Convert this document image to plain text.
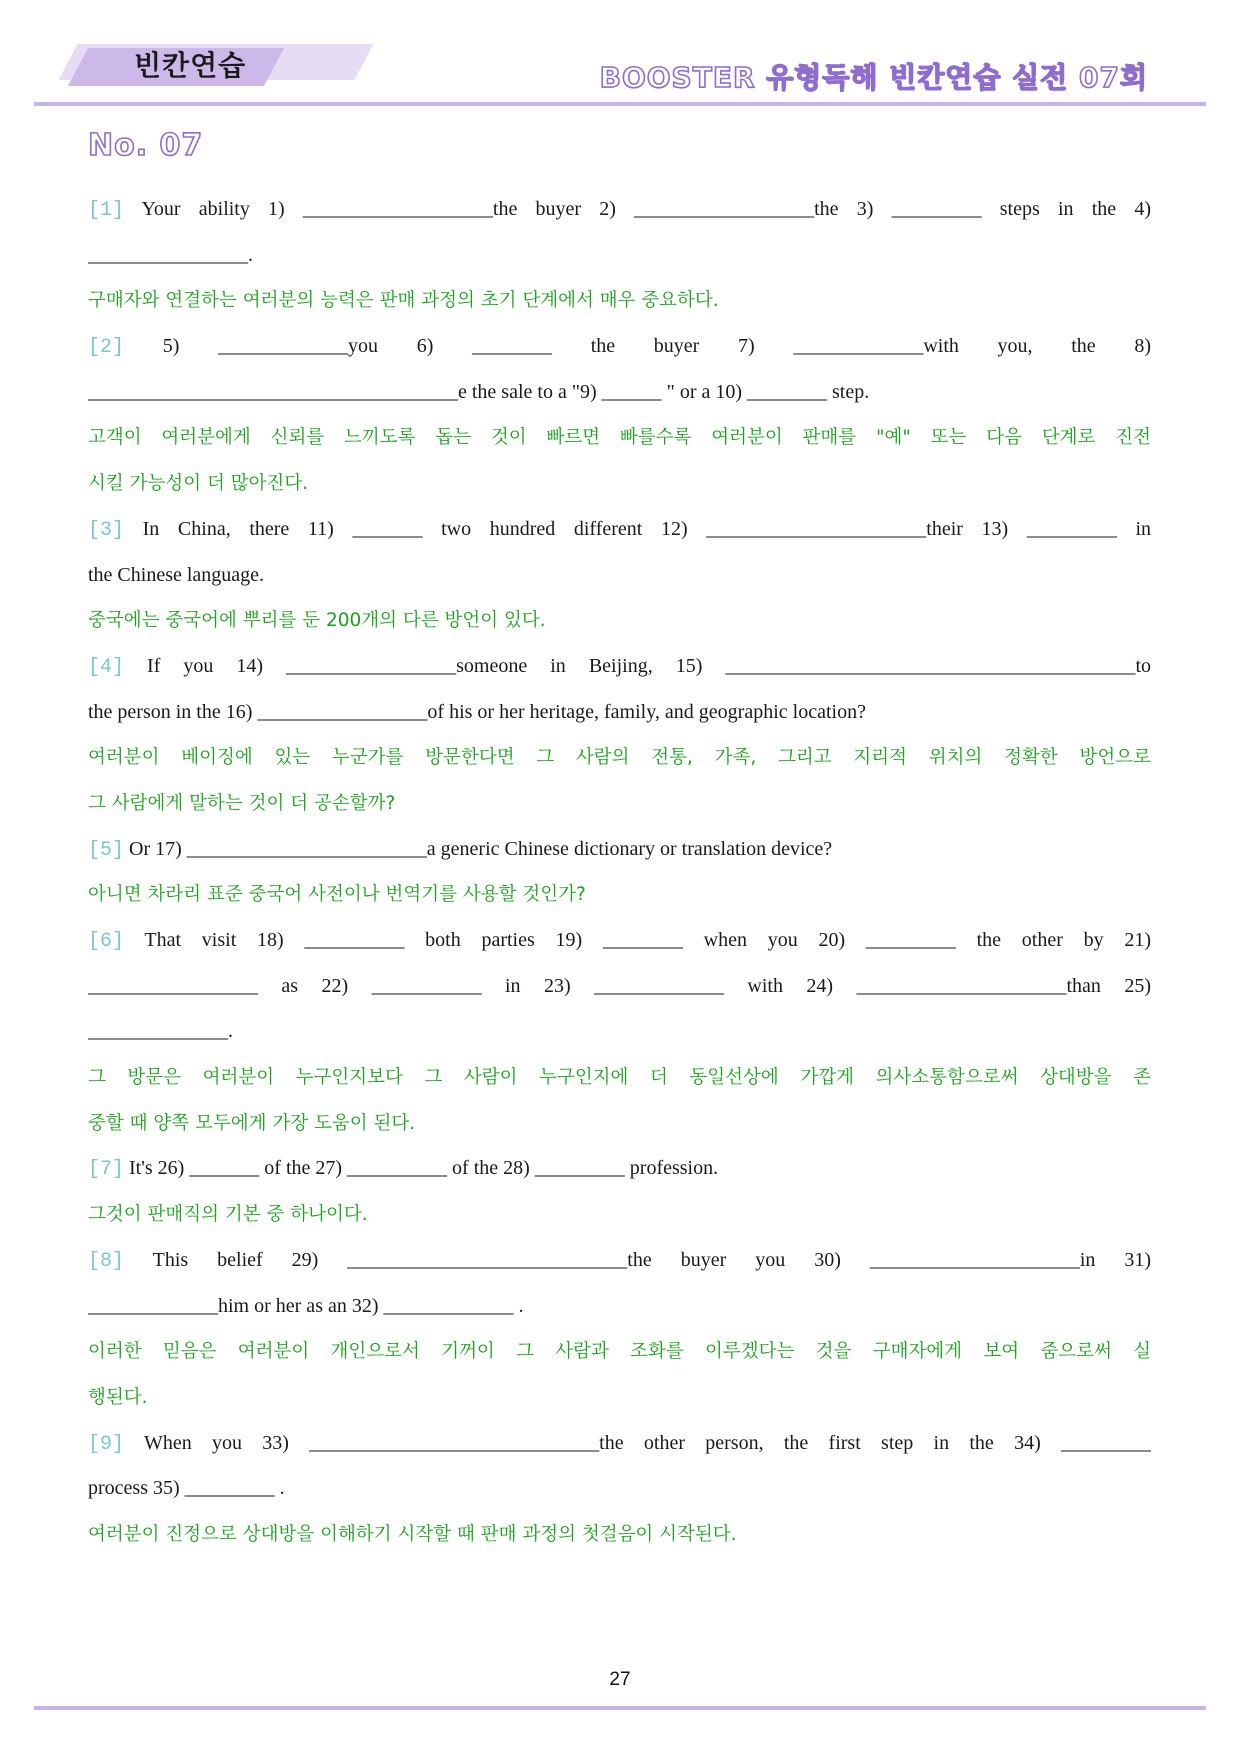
빈칸연습	BOOSTER 유형독해 빈칸연습 실전 07회
No. 07
[1] Your ability 1) ___________________the buyer 2) __________________the 3) _________ steps in the 4)
________________.
구매자와 연결하는 여러분의 능력은 판매 과정의 초기 단계에서 매우 중요하다.
[2] 5) _____________you 6) ________ the buyer 7) _____________with you, the 8)
_____________________________________e the sale to a "9) ______ " or a 10) ________ step.
고객이 여러분에게 신뢰를 느끼도록 돕는 것이 빠르면 빠를수록 여러분이 판매를 "예" 또는 다음 단계로 진전
시킬 가능성이 더 많아진다.
[3] In China, there 11) _______ two hundred different 12) ______________________their 13) _________ in
the Chinese language.
중국에는 중국어에 뿌리를 둔 200개의 다른 방언이 있다.
[4] If you 14) _________________someone in Beijing, 15) _________________________________________to
the person in the 16) _________________of his or her heritage, family, and geographic location?
여러분이 베이징에 있는 누군가를 방문한다면 그 사람의 전통, 가족, 그리고 지리적 위치의 정확한 방언으로
그 사람에게 말하는 것이 더 공손할까?
[5] Or 17) ________________________a generic Chinese dictionary or translation device?
아니면 차라리 표준 중국어 사전이나 번역기를 사용할 것인가?
[6] That visit 18) __________ both parties 19) ________ when you 20) _________ the other by 21)
_________________ as 22) ___________ in 23) _____________ with 24) _____________________than 25)
______________.
그 방문은 여러분이 누구인지보다 그 사람이 누구인지에 더 동일선상에 가깝게 의사소통함으로써 상대방을 존
중할 때 양쪽 모두에게 가장 도움이 된다.
[7] It's 26) _______ of the 27) __________ of the 28) _________ profession.
그것이 판매직의 기본 중 하나이다.
[8] This belief 29) ____________________________the buyer you 30) _____________________in 31)
_____________him or her as an 32) _____________ .
이러한 믿음은 여러분이 개인으로서 기꺼이 그 사람과 조화를 이루겠다는 것을 구매자에게 보여 줌으로써 실
행된다.
[9] When you 33) _____________________________the other person, the first step in the 34) _________
process 35) _________ .
여러분이 진정으로 상대방을 이해하기 시작할 때 판매 과정의 첫걸음이 시작된다.
27
